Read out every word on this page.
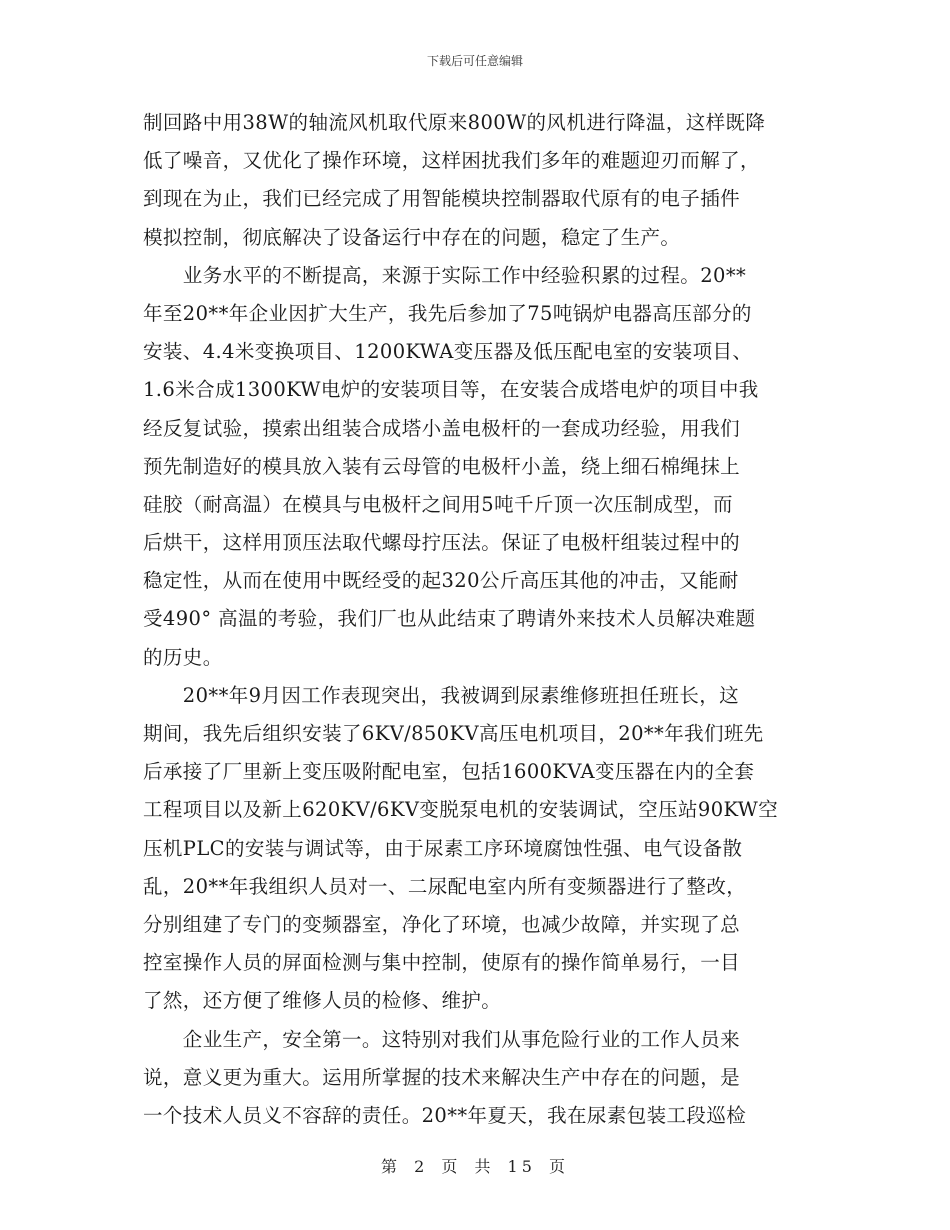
下载后可任意编辑
制回路中用38W的轴流风机取代原来800W的风机进行降温，这样既降
低了噪音，又优化了操作环境，这样困扰我们多年的难题迎刃而解了，
到现在为止，我们已经完成了用智能模块控制器取代原有的电子插件
模拟控制，彻底解决了设备运行中存在的问题，稳定了生产。
　　业务水平的不断提高，来源于实际工作中经验积累的过程。20**
年至20**年企业因扩大生产，我先后参加了75吨锅炉电器高压部分的
安装、4.4米变换项目、1200KWA变压器及低压配电室的安装项目、
1.6米合成1300KW电炉的安装项目等，在安装合成塔电炉的项目中我
经反复试验，摸索出组装合成塔小盖电极杆的一套成功经验，用我们
预先制造好的模具放入装有云母管的电极杆小盖，绕上细石棉绳抹上
硅胶（耐高温）在模具与电极杆之间用5吨千斤顶一次压制成型，而
后烘干，这样用顶压法取代螺母拧压法。保证了电极杆组装过程中的
稳定性，从而在使用中既经受的起320公斤高压其他的冲击，又能耐
受490° 高温的考验，我们厂也从此结束了聘请外来技术人员解决难题
的历史。
　　20**年9月因工作表现突出，我被调到尿素维修班担任班长，这
期间，我先后组织安装了6KV/850KV高压电机项目，20**年我们班先
后承接了厂里新上变压吸附配电室，包括1600KVA变压器在内的全套
工程项目以及新上620KV/6KV变脱泵电机的安装调试，空压站90KW空
压机PLC的安装与调试等，由于尿素工序环境腐蚀性强、电气设备散
乱，20**年我组织人员对一、二尿配电室内所有变频器进行了整改，
分别组建了专门的变频器室，净化了环境，也减少故障，并实现了总
控室操作人员的屏面检测与集中控制，使原有的操作简单易行，一目
了然，还方便了维修人员的检修、维护。
　　企业生产，安全第一。这特别对我们从事危险行业的工作人员来
说，意义更为重大。运用所掌握的技术来解决生产中存在的问题，是
一个技术人员义不容辞的责任。20**年夏天，我在尿素包装工段巡检
第 2 页 共 15 页
